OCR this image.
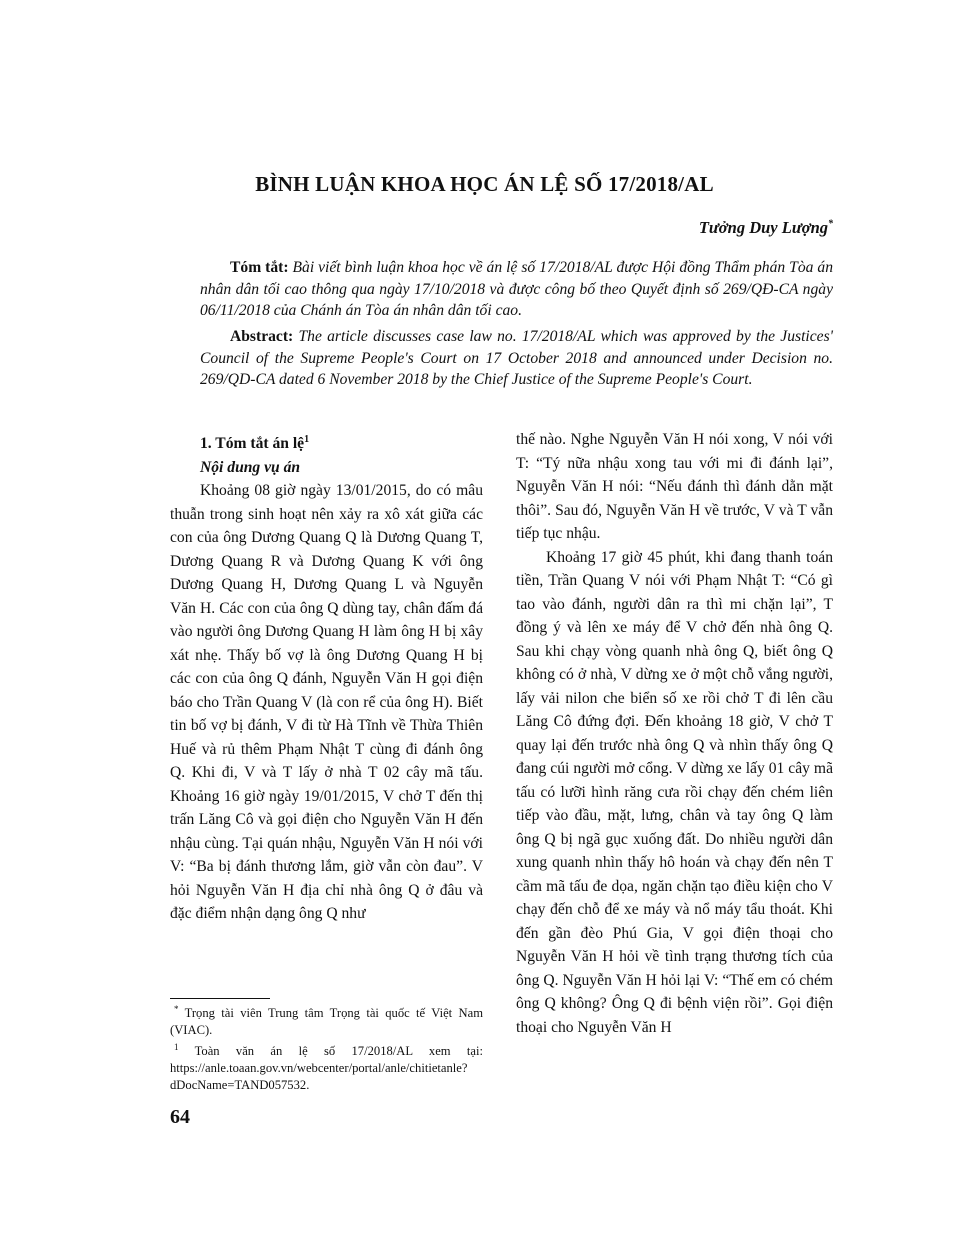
BÌNH LUẬN KHOA HỌC ÁN LỆ SỐ 17/2018/AL
Tưởng Duy Lượng*

Tóm tắt: Bài viết bình luận khoa học về án lệ số 17/2018/AL được Hội đồng Thẩm phán Tòa án nhân dân tối cao thông qua ngày 17/10/2018 và được công bố theo Quyết định số 269/QĐ-CA ngày 06/11/2018 của Chánh án Tòa án nhân dân tối cao.

Abstract: The article discusses case law no. 17/2018/AL which was approved by the Justices' Council of the Supreme People's Court on 17 October 2018 and announced under Decision no. 269/QD-CA dated 6 November 2018 by the Chief Justice of the Supreme People's Court.

1. Tóm tắt án lệ$^1$
Nội dung vụ án

Khoảng 08 giờ ngày 13/01/2015, do có mâu thuẫn trong sinh hoạt nên xảy ra xô xát giữa các con của ông Dương Quang Q là Dương Quang T, Dương Quang R và Dương Quang K với ông Dương Quang H, Dương Quang L và Nguyễn Văn H. Các con của ông Q dùng tay, chân đấm đá vào người ông Dương Quang H làm ông H bị xây xát nhẹ. Thấy bố vợ là ông Dương Quang H bị các con của ông Q đánh, Nguyễn Văn H gọi điện báo cho Trần Quang V (là con rể của ông H). Biết tin bố vợ bị đánh, V đi từ Hà Tĩnh về Thừa Thiên Huế và rủ thêm Phạm Nhật T cùng đi đánh ông Q. Khi đi, V và T lấy ở nhà T 02 cây mã tấu. Khoảng 16 giờ ngày 19/01/2015, V chở T đến thị trấn Lăng Cô và gọi điện cho Nguyễn Văn H đến nhậu cùng. Tại quán nhậu, Nguyễn Văn H nói với V: “Ba bị đánh thương lắm, giờ vẫn còn đau”. V hỏi Nguyễn Văn H địa chỉ nhà ông Q ở đâu và đặc điểm nhận dạng ông Q như

thế nào. Nghe Nguyễn Văn H nói xong, V nói với T: “Tý nữa nhậu xong tau với mi đi đánh lại”, Nguyễn Văn H nói: “Nếu đánh thì đánh dằn mặt thôi”. Sau đó, Nguyễn Văn H về trước, V và T vẫn tiếp tục nhậu.

Khoảng 17 giờ 45 phút, khi đang thanh toán tiền, Trần Quang V nói với Phạm Nhật T: “Có gì tao vào đánh, người dân ra thì mi chặn lại”, T đồng ý và lên xe máy để V chở đến nhà ông Q. Sau khi chạy vòng quanh nhà ông Q, biết ông Q không có ở nhà, V dừng xe ở một chỗ vắng người, lấy vải nilon che biển số xe rồi chở T đi lên cầu Lăng Cô đứng đợi. Đến khoảng 18 giờ, V chở T quay lại đến trước nhà ông Q và nhìn thấy ông Q đang cúi người mở cổng. V dừng xe lấy 01 cây mã tấu có lưỡi hình răng cưa rồi chạy đến chém liên tiếp vào đầu, mặt, lưng, chân và tay ông Q làm ông Q bị ngã gục xuống đất. Do nhiều người dân xung quanh nhìn thấy hô hoán và chạy đến nên T cầm mã tấu đe dọa, ngăn chặn tạo điều kiện cho V chạy đến chỗ để xe máy và nổ máy tẩu thoát. Khi đến gần đèo Phú Gia, V gọi điện thoại cho Nguyễn Văn H hỏi về tình trạng thương tích của ông Q. Nguyễn Văn H hỏi lại V: “Thế em có chém ông Q không? Ông Q đi bệnh viện rồi”. Gọi điện thoại cho Nguyễn Văn H

* Trọng tài viên Trung tâm Trọng tài quốc tế Việt Nam (VIAC).

$^1$ Toàn văn án lệ số 17/2018/AL xem tại: https://anle.toaan.gov.vn/webcenter/portal/anle/chitietanle?dDocName=TAND057532.

64
